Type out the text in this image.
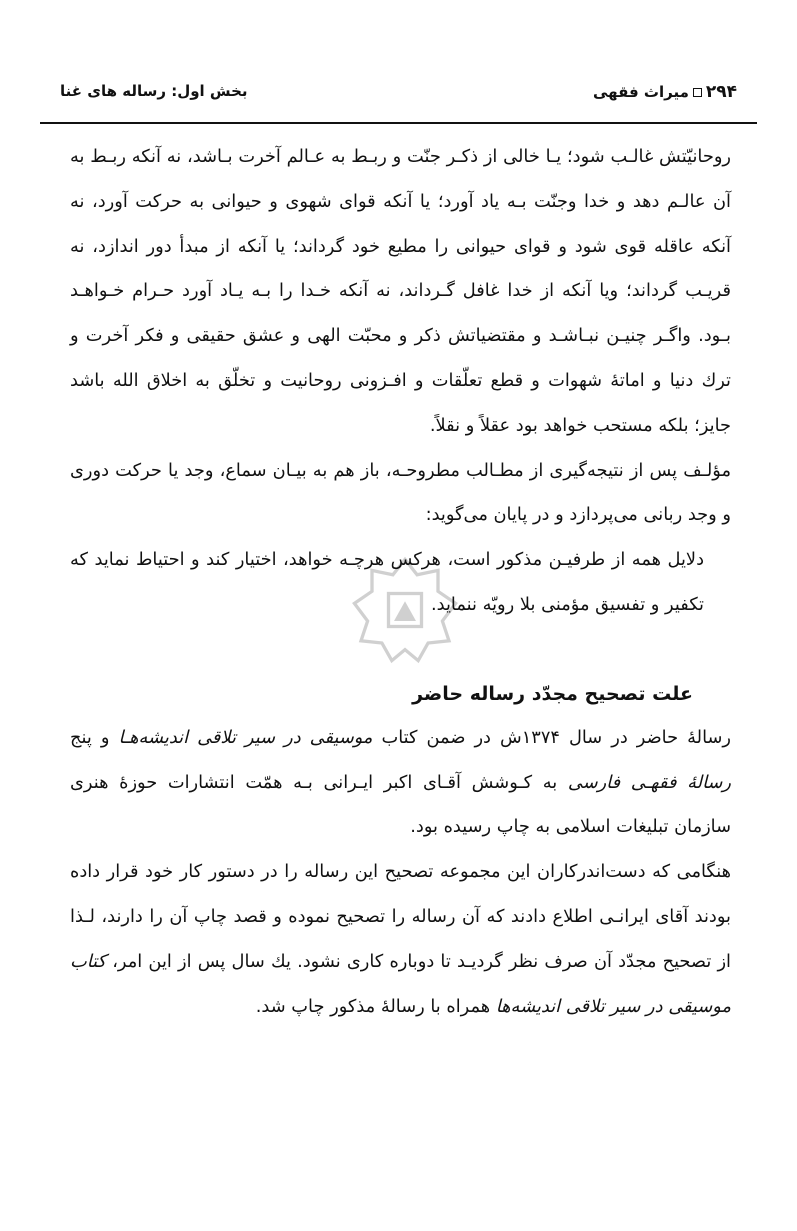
بخش اول: رساله های غنا	۲۹۴
میراث فقهی

روحانیّتش غالـب شود؛ یـا خالی از ذکـر جنّت و ربـط به عـالم آخرت بـاشد، نه آنکه ربـط به آن عالـم دهد و خدا وجنّت بـه یاد آورد؛ یا آنکه قوای شهوی و حیوانی به حرکت آورد، نه آنکه عاقله قوی شود و قوای حیوانی را مطیع خود گرداند؛ یا آنکه از مبدأ دور اندازد، نه قریـب گرداند؛ ویا آنکه از خدا غافل گـرداند، نه آنکه خـدا را بـه یـاد آورد حـرام خـواهـد بـود. واگـر چنیـن نبـاشـد و مقتضیاتش ذکر و محبّت الهی و عشق حقیقی و فکر آخرت و ترك دنیا و اماتهٔ شهوات و قطع تعلّقات و افـزونی روحانیت و تخلّق به اخلاق الله باشد جایز؛ بلکه مستحب خواهد بود عقلاً و نقلاً.

مؤلـف پس از نتیجه‌گیری از مطـالب مطروحـه، باز هم به بیـان سماع، وجد یا حرکت دوری و وجد ربانی می‌پردازد و در پایان می‌گوید:

دلایل همه از طرفیـن مذکور است، هرکس هرچـه خواهد، اختیار کند و احتیاط نماید که تکفیر و تفسیق مؤمنی بلا رویّه ننماید.

علت تصحیح مجدّد رساله حاضر

رسالهٔ حاضر در سال ۱۳۷۴ش در ضمن کتاب موسیقی در سیر تلاقی اندیشه‌هـا و پنج رسالهٔ فقهـی فارسی به کـوشش آقـای اکبر ایـرانی بـه همّت انتشارات حوزهٔ هنری سازمان تبلیغات اسلامی به چاپ رسیده بود.

هنگامی که دست‌اندرکاران این مجموعه تصحیح این رساله را در دستور کار خود قرار داده بودند آقای ایرانـی اطلاع دادند که آن رساله را تصحیح نموده و قصد چاپ آن را دارند، لـذا از تصحیح مجدّد آن صرف نظر گردیـد تا دوباره کاری نشود. یك سال پس از این امر، کتاب موسیقی در سیر تلاقی اندیشه‌ها همراه با رسالهٔ مذکور چاپ شد.
